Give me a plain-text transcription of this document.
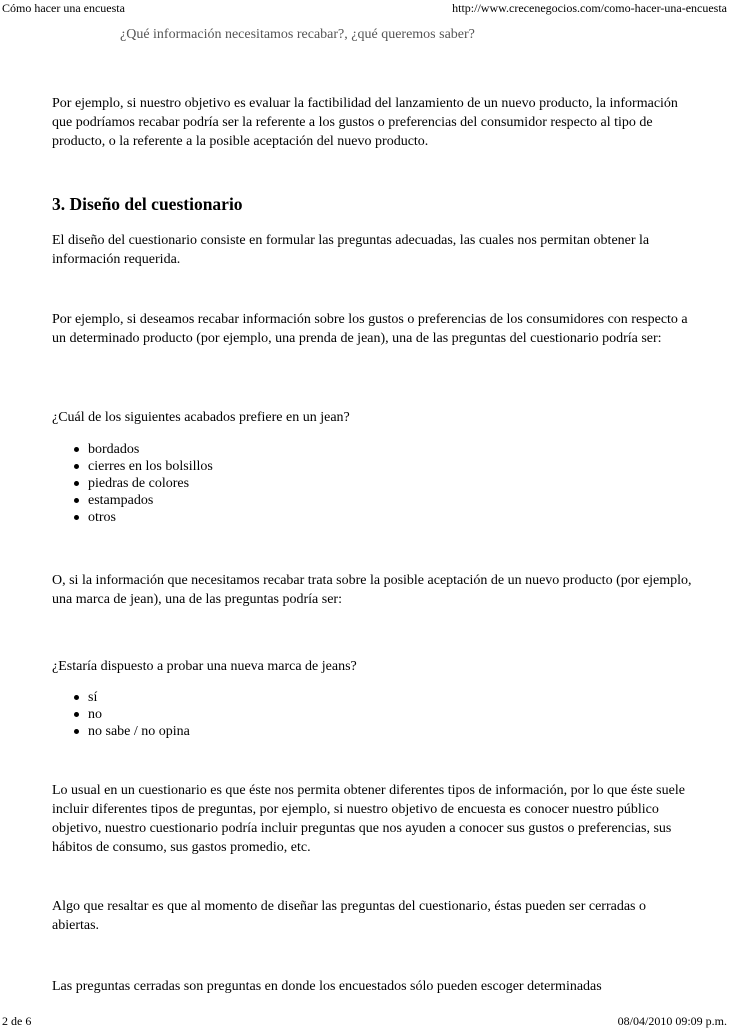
Cómo hacer una encuesta	http://www.crecenegocios.com/como-hacer-una-encuesta
¿Qué información necesitamos recabar?, ¿qué queremos saber?

Por ejemplo, si nuestro objetivo es evaluar la factibilidad del lanzamiento de un nuevo producto, la información que podríamos recabar podría ser la referente a los gustos o preferencias del consumidor respecto al tipo de producto, o la referente a la posible aceptación del nuevo producto.

3. Diseño del cuestionario

El diseño del cuestionario consiste en formular las preguntas adecuadas, las cuales nos permitan obtener la información requerida.

Por ejemplo, si deseamos recabar información sobre los gustos o preferencias de los consumidores con respecto a un determinado producto (por ejemplo, una prenda de jean), una de las preguntas del cuestionario podría ser:

¿Cuál de los siguientes acabados prefiere en un jean?

bordados
cierres en los bolsillos
piedras de colores
estampados
otros

O, si la información que necesitamos recabar trata sobre la posible aceptación de un nuevo producto (por ejemplo, una marca de jean), una de las preguntas podría ser:

¿Estaría dispuesto a probar una nueva marca de jeans?

sí
no
no sabe / no opina

Lo usual en un cuestionario es que éste nos permita obtener diferentes tipos de información, por lo que éste suele incluir diferentes tipos de preguntas, por ejemplo, si nuestro objetivo de encuesta es conocer nuestro público objetivo, nuestro cuestionario podría incluir preguntas que nos ayuden a conocer sus gustos o preferencias, sus hábitos de consumo, sus gastos promedio, etc.

Algo que resaltar es que al momento de diseñar las preguntas del cuestionario, éstas pueden ser cerradas o abiertas.

Las preguntas cerradas son preguntas en donde los encuestados sólo pueden escoger determinadas

2 de 6	08/04/2010 09:09 p.m.
